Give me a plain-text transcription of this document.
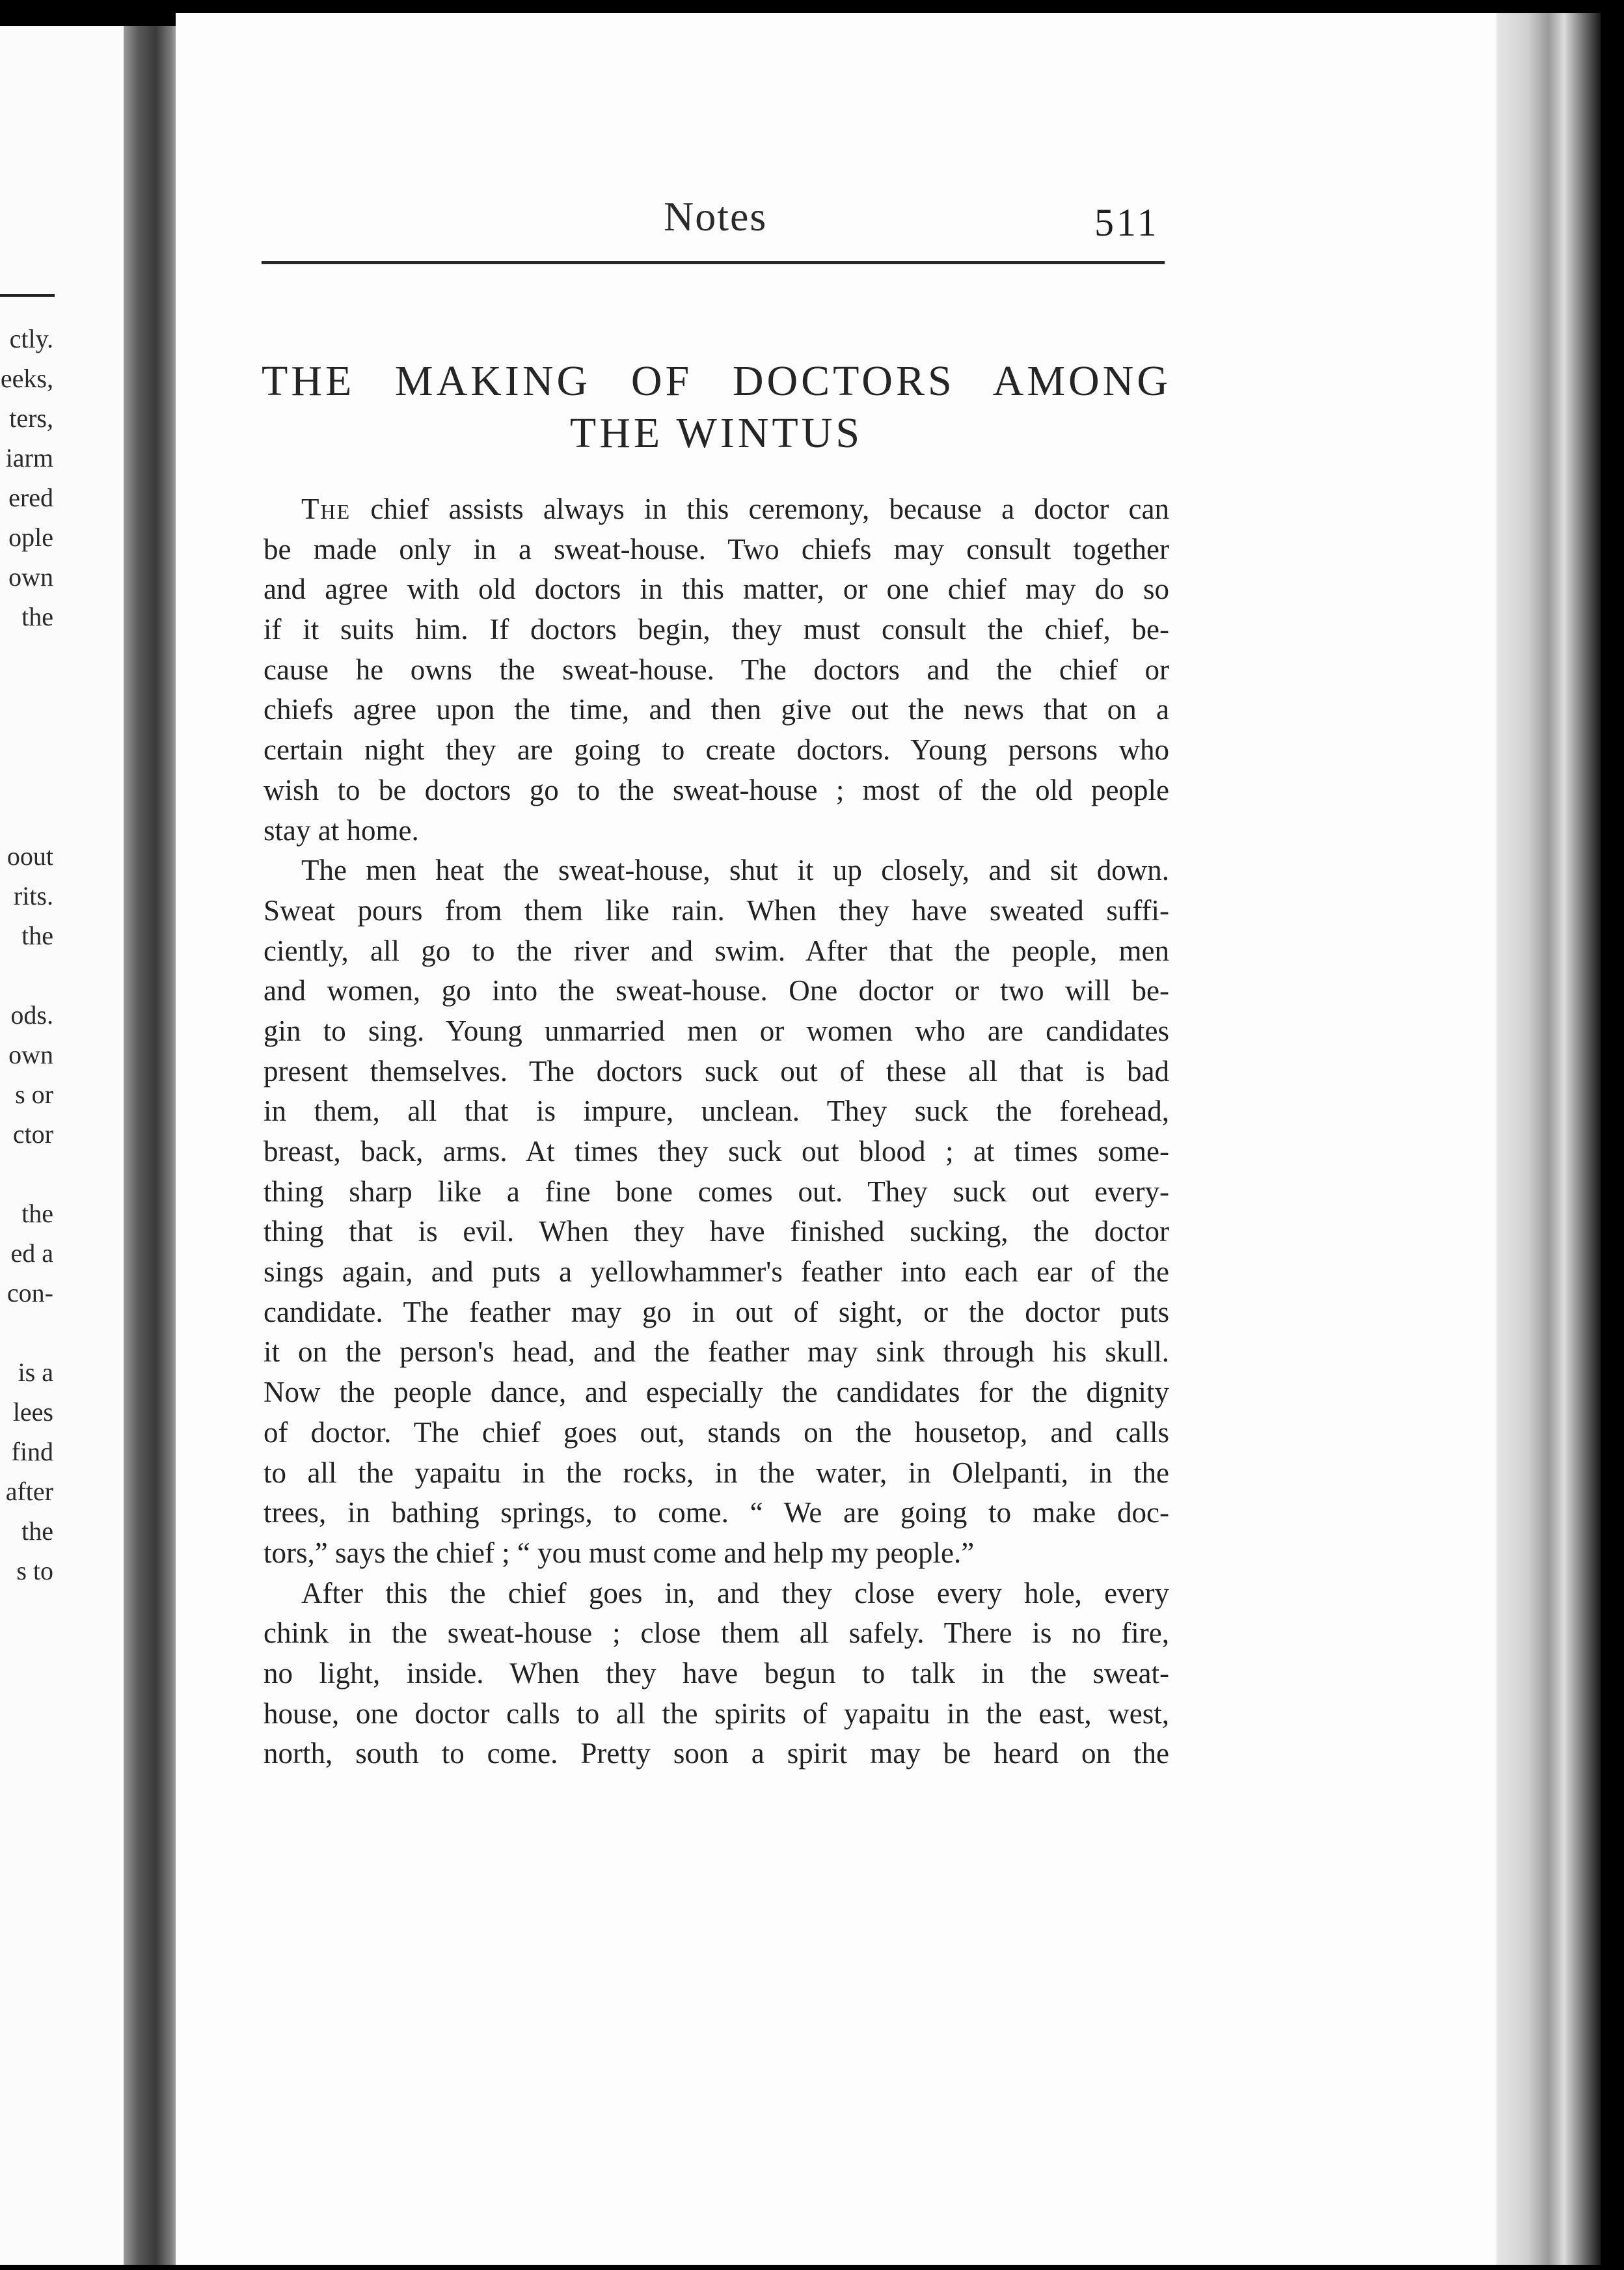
ctly.

eeks,

ters,

iarm

ered

ople

own

the

oout

rits.

the

ods.

own

s or

ctor

the

ed a

con-

is a

lees

find

after

the

s to

Notes	511
THE MAKING OF DOCTORS AMONG
THE WINTUS
The chief assists always in this ceremony, because a doctor can
be made only in a sweat-house. Two chiefs may consult together
and agree with old doctors in this matter, or one chief may do so
if it suits him. If doctors begin, they must consult the chief, be-
cause he owns the sweat-house. The doctors and the chief or
chiefs agree upon the time, and then give out the news that on a
certain night they are going to create doctors. Young persons who
wish to be doctors go to the sweat-house ; most of the old people
stay at home.
The men heat the sweat-house, shut it up closely, and sit down.
Sweat pours from them like rain. When they have sweated suffi-
ciently, all go to the river and swim. After that the people, men
and women, go into the sweat-house. One doctor or two will be-
gin to sing. Young unmarried men or women who are candidates
present themselves. The doctors suck out of these all that is bad
in them, all that is impure, unclean. They suck the forehead,
breast, back, arms. At times they suck out blood ; at times some-
thing sharp like a fine bone comes out. They suck out every-
thing that is evil. When they have finished sucking, the doctor
sings again, and puts a yellowhammer's feather into each ear of the
candidate. The feather may go in out of sight, or the doctor puts
it on the person's head, and the feather may sink through his skull.
Now the people dance, and especially the candidates for the dignity
of doctor. The chief goes out, stands on the housetop, and calls
to all the yapaitu in the rocks, in the water, in Olelpanti, in the
trees, in bathing springs, to come. “ We are going to make doc-
tors,” says the chief ; “ you must come and help my people.”
After this the chief goes in, and they close every hole, every
chink in the sweat-house ; close them all safely. There is no fire,
no light, inside. When they have begun to talk in the sweat-
house, one doctor calls to all the spirits of yapaitu in the east, west,
north, south to come. Pretty soon a spirit may be heard on the
